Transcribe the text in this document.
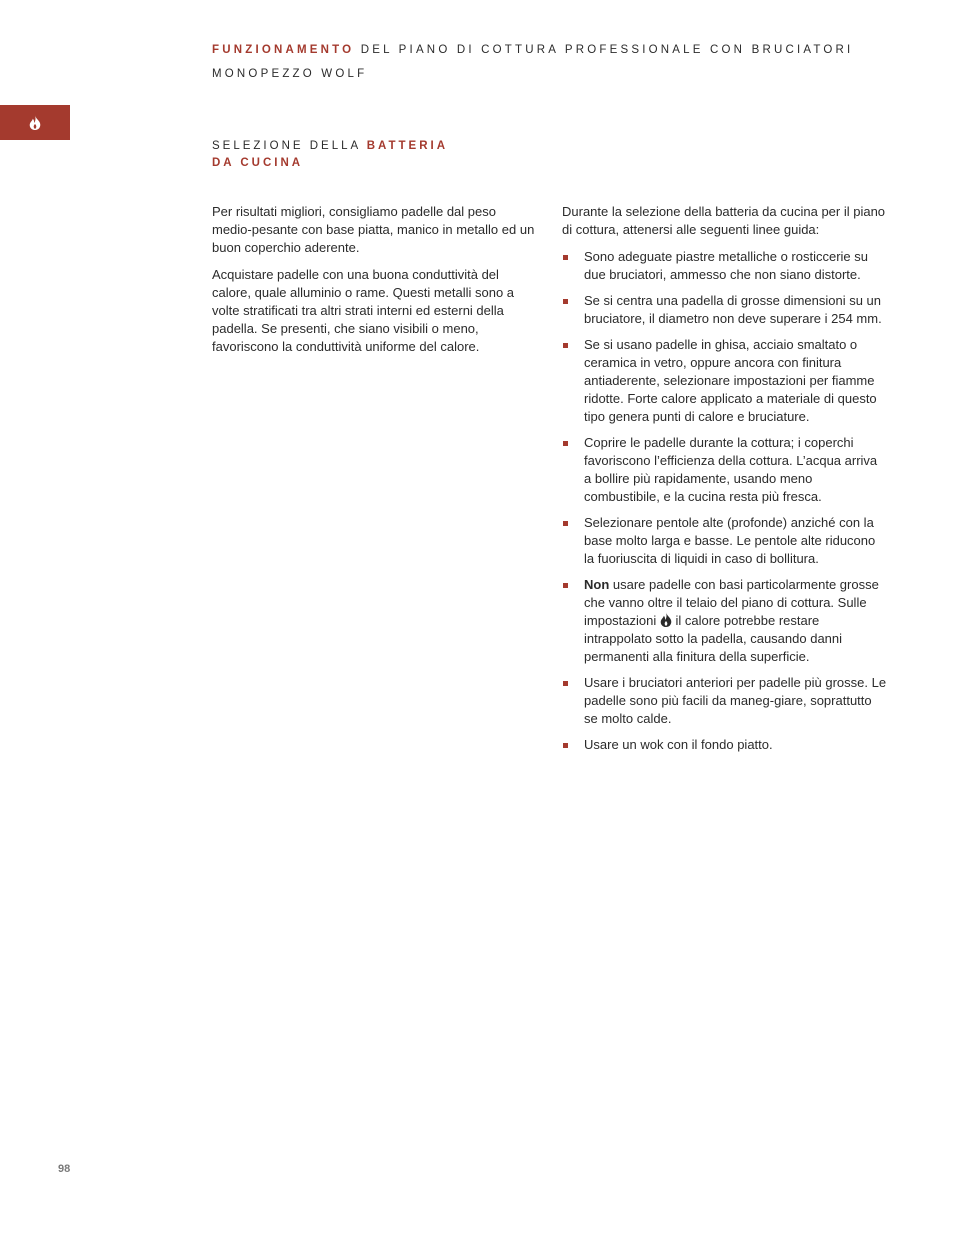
FUNZIONAMENTO DEL PIANO DI COTTURA PROFESSIONALE CON BRUCIATORI
MONOPEZZO WOLF
SELEZIONE DELLA BATTERIA
DA CUCINA

Per risultati migliori, consigliamo padelle dal peso medio-pesante con base piatta, manico in metallo ed un buon coperchio aderente.

Acquistare padelle con una buona conduttività del calore, quale alluminio o rame. Questi metalli sono a volte stratificati tra altri strati interni ed esterni della padella. Se presenti, che siano visibili o meno, favoriscono la conduttività uniforme del calore.

Durante la selezione della batteria da cucina per il piano di cottura, attenersi alle seguenti linee guida:

Sono adeguate piastre metalliche o rosticcerie su due bruciatori, ammesso che non siano distorte.
Se si centra una padella di grosse dimensioni su un bruciatore, il diametro non deve superare i 254 mm.
Se si usano padelle in ghisa, acciaio smaltato o ceramica in vetro, oppure ancora con finitura antiaderente, selezionare impostazioni per fiamme ridotte. Forte calore applicato a materiale di questo tipo genera punti di calore e bruciature.
Coprire le padelle durante la cottura; i coperchi favoriscono l’efficienza della cottura. L’acqua arriva a bollire più rapidamente, usando meno combustibile, e la cucina resta più fresca.
Selezionare pentole alte (profonde) anziché con la base molto larga e basse. Le pentole alte riducono la fuoriuscita di liquidi in caso di bollitura.
Non usare padelle con basi particolarmente grosse che vanno oltre il telaio del piano di cottura. Sulle impostazioni  il calore potrebbe restare intrappolato sotto la padella, causando danni permanenti alla finitura della superficie.
Usare i bruciatori anteriori per padelle più grosse. Le padelle sono più facili da maneg-giare, soprattutto se molto calde.
Usare un wok con il fondo piatto.
98
